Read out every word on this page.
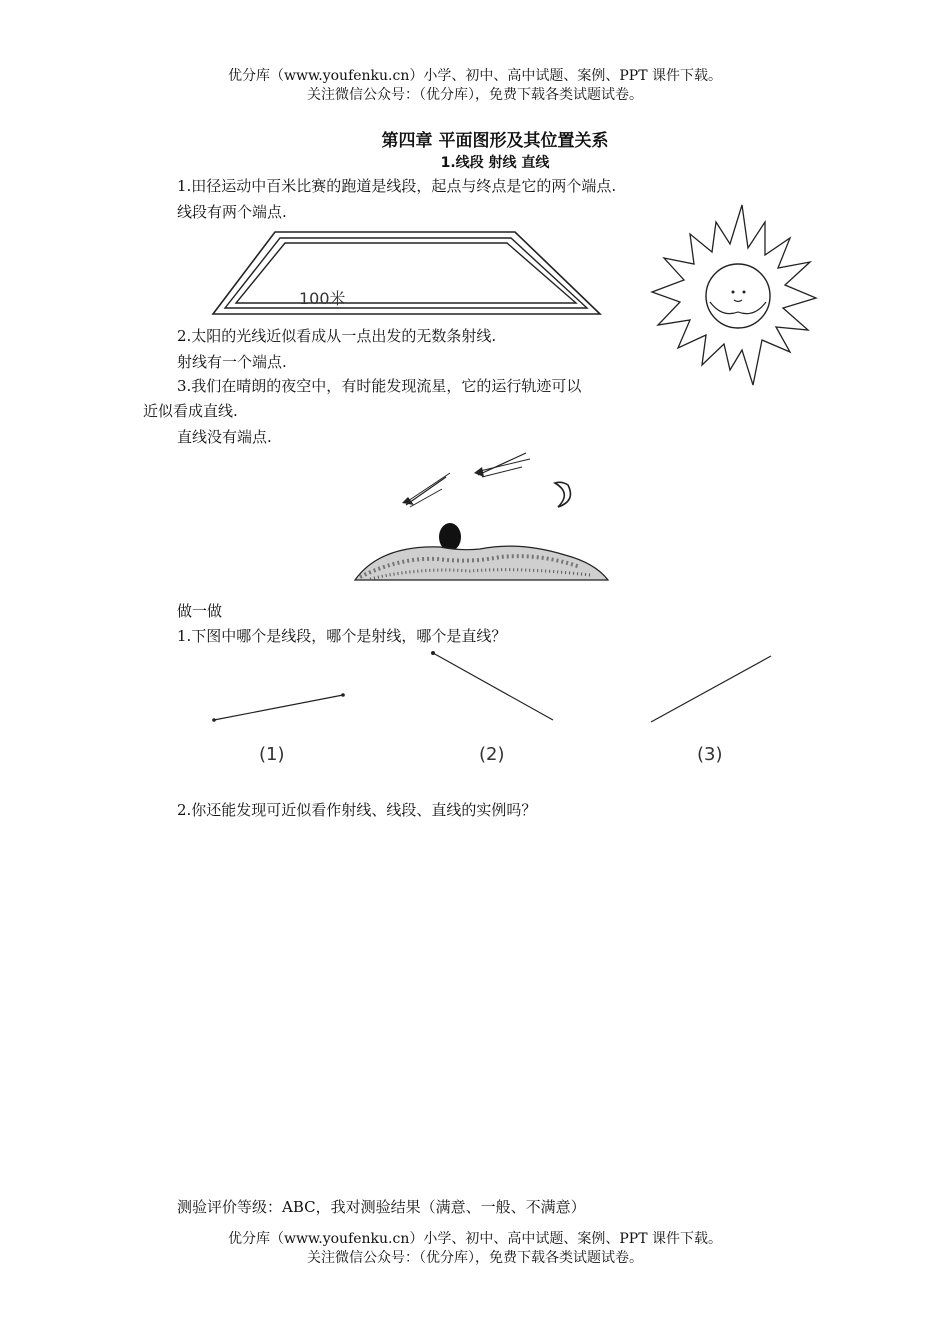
优分库（www.youfenku.cn）小学、初中、高中试题、案例、PPT 课件下载。
关注微信公众号：（优分库），免费下载各类试题试卷。
第四章 平面图形及其位置关系
1.线段 射线 直线
1.田径运动中百米比赛的跑道是线段，起点与终点是它的两个端点.
线段有两个端点.
100米
2.太阳的光线近似看成从一点出发的无数条射线.
射线有一个端点.
3.我们在晴朗的夜空中，有时能发现流星，它的运行轨迹可以
近似看成直线.
直线没有端点.
做一做
1.下图中哪个是线段，哪个是射线，哪个是直线？
(1)	(2)	(3)
2.你还能发现可近似看作射线、线段、直线的实例吗？
测验评价等级：ABC，我对测验结果（满意、一般、不满意）
优分库（www.youfenku.cn）小学、初中、高中试题、案例、PPT 课件下载。
关注微信公众号：（优分库），免费下载各类试题试卷。
